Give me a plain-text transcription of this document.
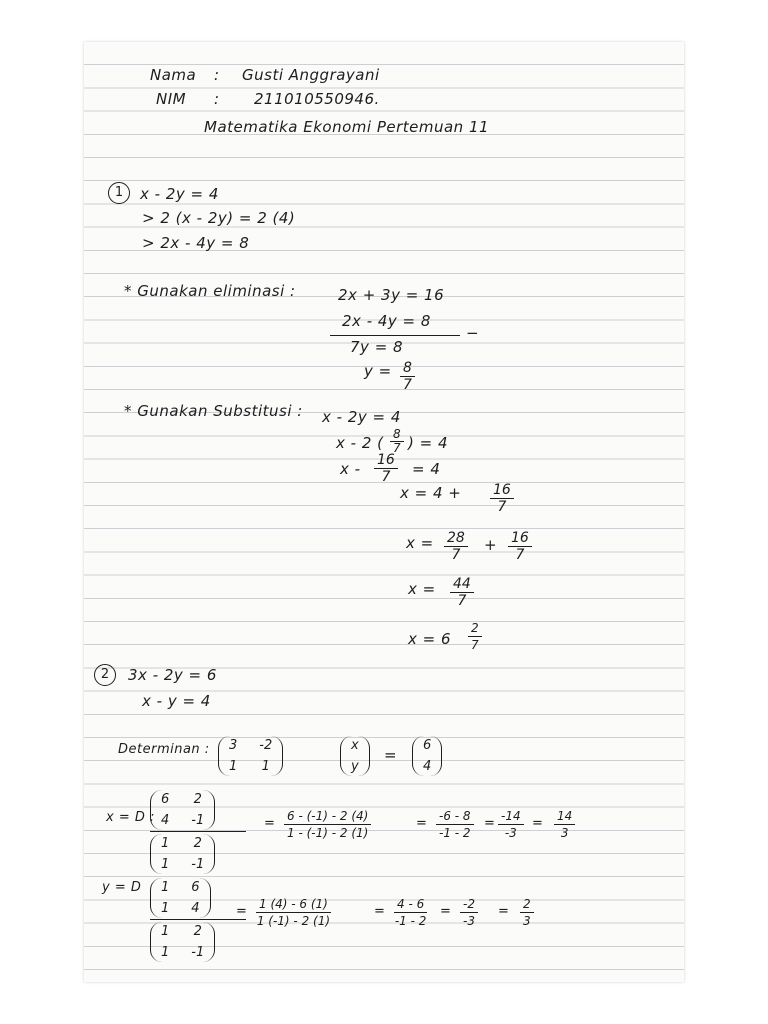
Nama : Gusti Anggrayani
NIM : 211010550946.
Matematika Ekonomi Pertemuan 11
1	x - 2y = 4
> 2 (x - 2y) = 2 (4)
> 2x - 4y = 8
* Gunakan eliminasi :	2x + 3y = 16
2x - 4y = 8
−
7y = 8
$y = \frac{8}{7}$
* Gunakan Substitusi : x - 2y = 4
x - 2 ( $\frac{8}{7}$ ) = 4
$x - \frac{16}{7} = 4$
$x = 4 + \frac{16}{7}$
x = 28
7
+ 16
7
$x = \frac{44}{7}$
$x = 6 \frac{2}{7}$
2	3x - 2y = 6
x - y = 4
Determinan : 3 -2
1 1
x
y
=
6
4
x = D :
6 2
4 -1
1 2
1 -1
= $\frac{6 - (-1) - 2 (4)}{1 - (-1) - 2 (1)}$	= $\frac{-6 - 8}{-1 - 2} = \frac{-14}{-3} = \frac{14}{3}$
y = D 1 6
1 4
1 2
1 -1
= $\frac{1 (4) - 6 (1)}{1 (-1) - 2 (1)}$	= $\frac{4 - 6}{-1 - 2} = \frac{-2}{-3} = \frac{2}{3}$
